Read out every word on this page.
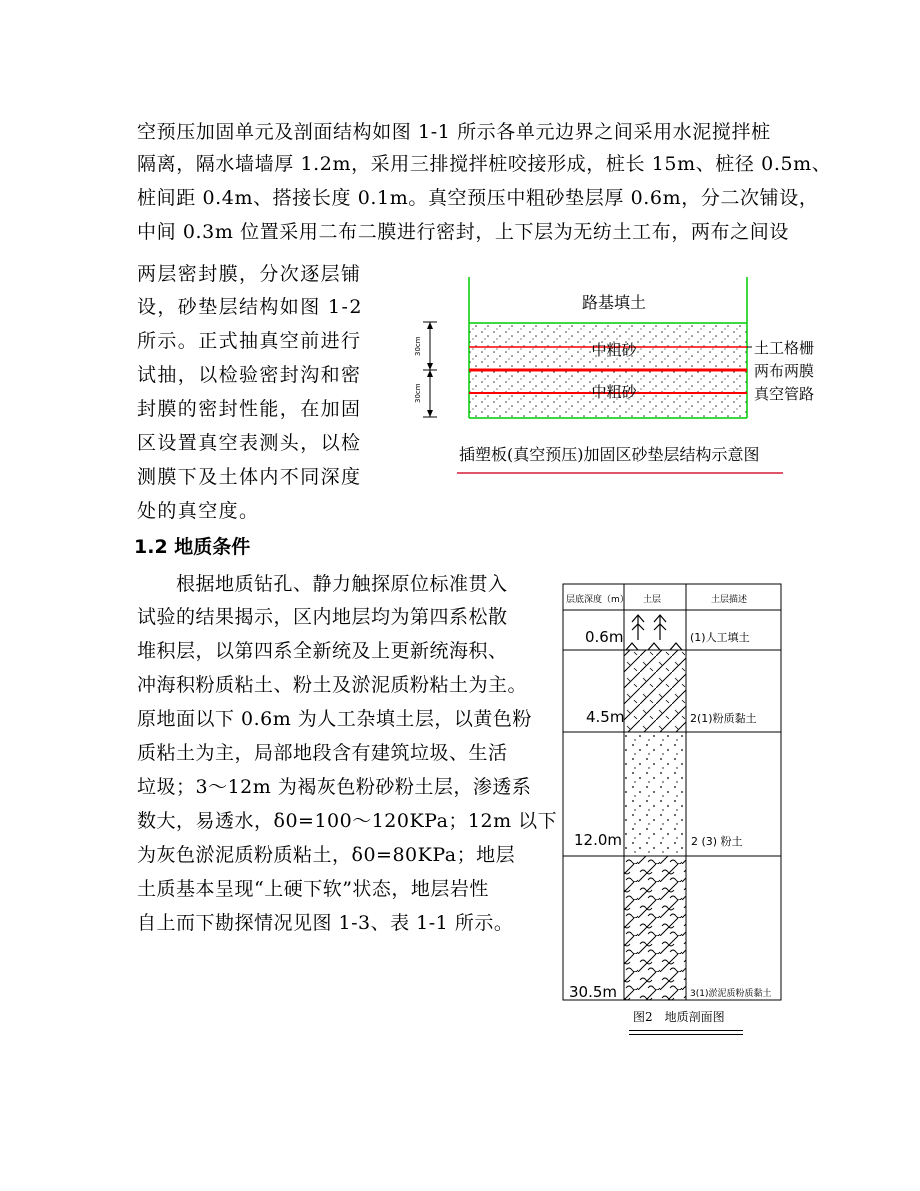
空预压加固单元及剖面结构如图 1-1 所示各单元边界之间采用水泥搅拌桩
隔离，隔水墙墙厚 1.2m，采用三排搅拌桩咬接形成，桩长 15m、桩径 0.5m、
桩间距 0.4m、搭接长度 0.1m。真空预压中粗砂垫层厚 0.6m，分二次铺设，
中间 0.3m 位置采用二布二膜进行密封，上下层为无纺土工布，两布之间设
两层密封膜，分次逐层铺
设，砂垫层结构如图 1-2
所示。正式抽真空前进行
试抽，以检验密封沟和密
封膜的密封性能，在加固
区设置真空表测头，以检
测膜下及土体内不同深度
处的真空度。
路基填土
中粗砂
中粗砂
土工格栅
两布两膜
真空管路
30cm
30cm
插塑板(真空预压)加固区砂垫层结构示意图
1.2 地质条件
　　根据地质钻孔、静力触探原位标准贯入
试验的结果揭示，区内地层均为第四系松散
堆积层，以第四系全新统及上更新统海积、
冲海积粉质粘土、粉土及淤泥质粉粘土为主。
原地面以下 0.6m 为人工杂填土层，以黄色粉
质粘土为主，局部地段含有建筑垃圾、生活
垃圾；3～12m 为褐灰色粉砂粉土层，渗透系
数大，易透水，δ0=100～120KPa；12m 以下
为灰色淤泥质粉质粘土，δ0=80KPa；地层
土质基本呈现“上硬下软”状态，地层岩性
自上而下勘探情况见图 1-3、表 1-1 所示。
层底深度（m） 土层	土层描述
0.6m	(1)人工填土
4.5m	2(1)粉质黏土
12.0m	2 (3) 粉土
30.5m	3(1)淤泥质粉质黏土
图2　地质剖面图
